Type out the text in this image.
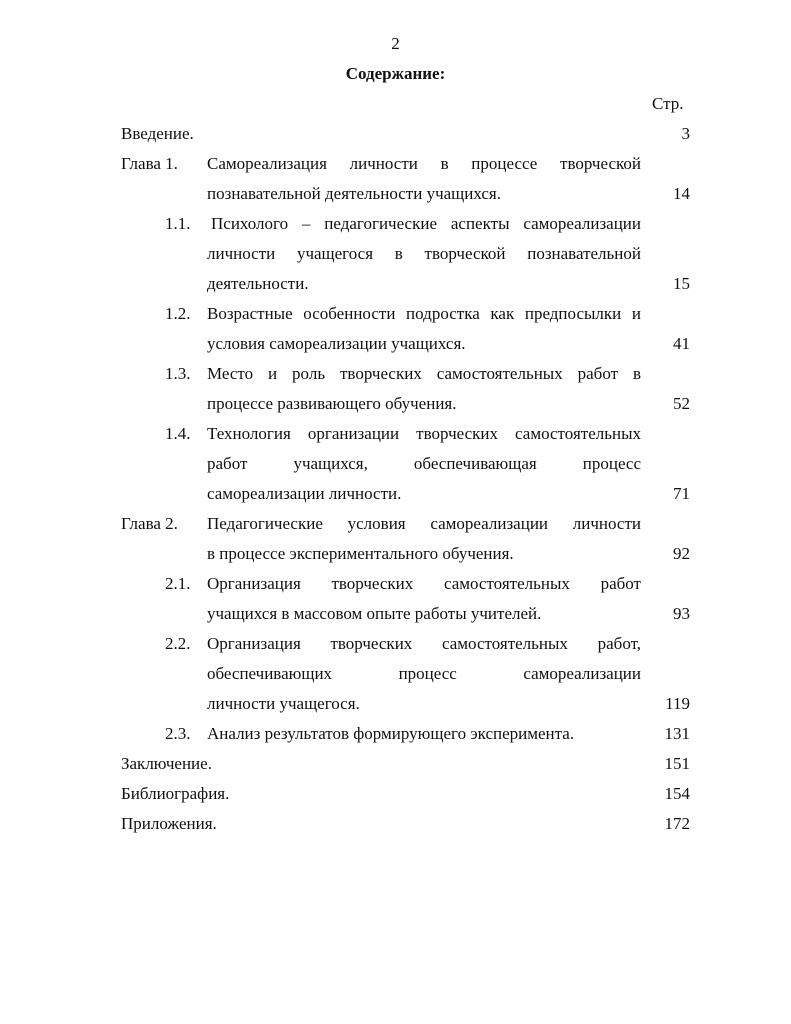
2
Содержание:
Стр.
Введение.	3
Глава 1. Самореализация личности в процессе творческой
познавательной деятельности учащихся.	14
1.1. Психолого – педагогические аспекты самореализации
личности учащегося в творческой познавательной
деятельности.	15
1.2. Возрастные особенности подростка как предпосылки и
условия самореализации учащихся.	41
1.3. Место и роль творческих самостоятельных работ в
процессе развивающего обучения.	52
1.4. Технология организации творческих самостоятельных
работ учащихся, обеспечивающая процесс
самореализации личности.	71
Глава 2. Педагогические условия самореализации личности
в процессе экспериментального обучения.	92
2.1. Организация творческих самостоятельных работ
учащихся в массовом опыте работы учителей.	93
2.2. Организация творческих самостоятельных работ,
обеспечивающих процесс самореализации
личности учащегося.	119
2.3. Анализ результатов формирующего эксперимента.	131
Заключение.	151
Библиография.	154
Приложения.	172
